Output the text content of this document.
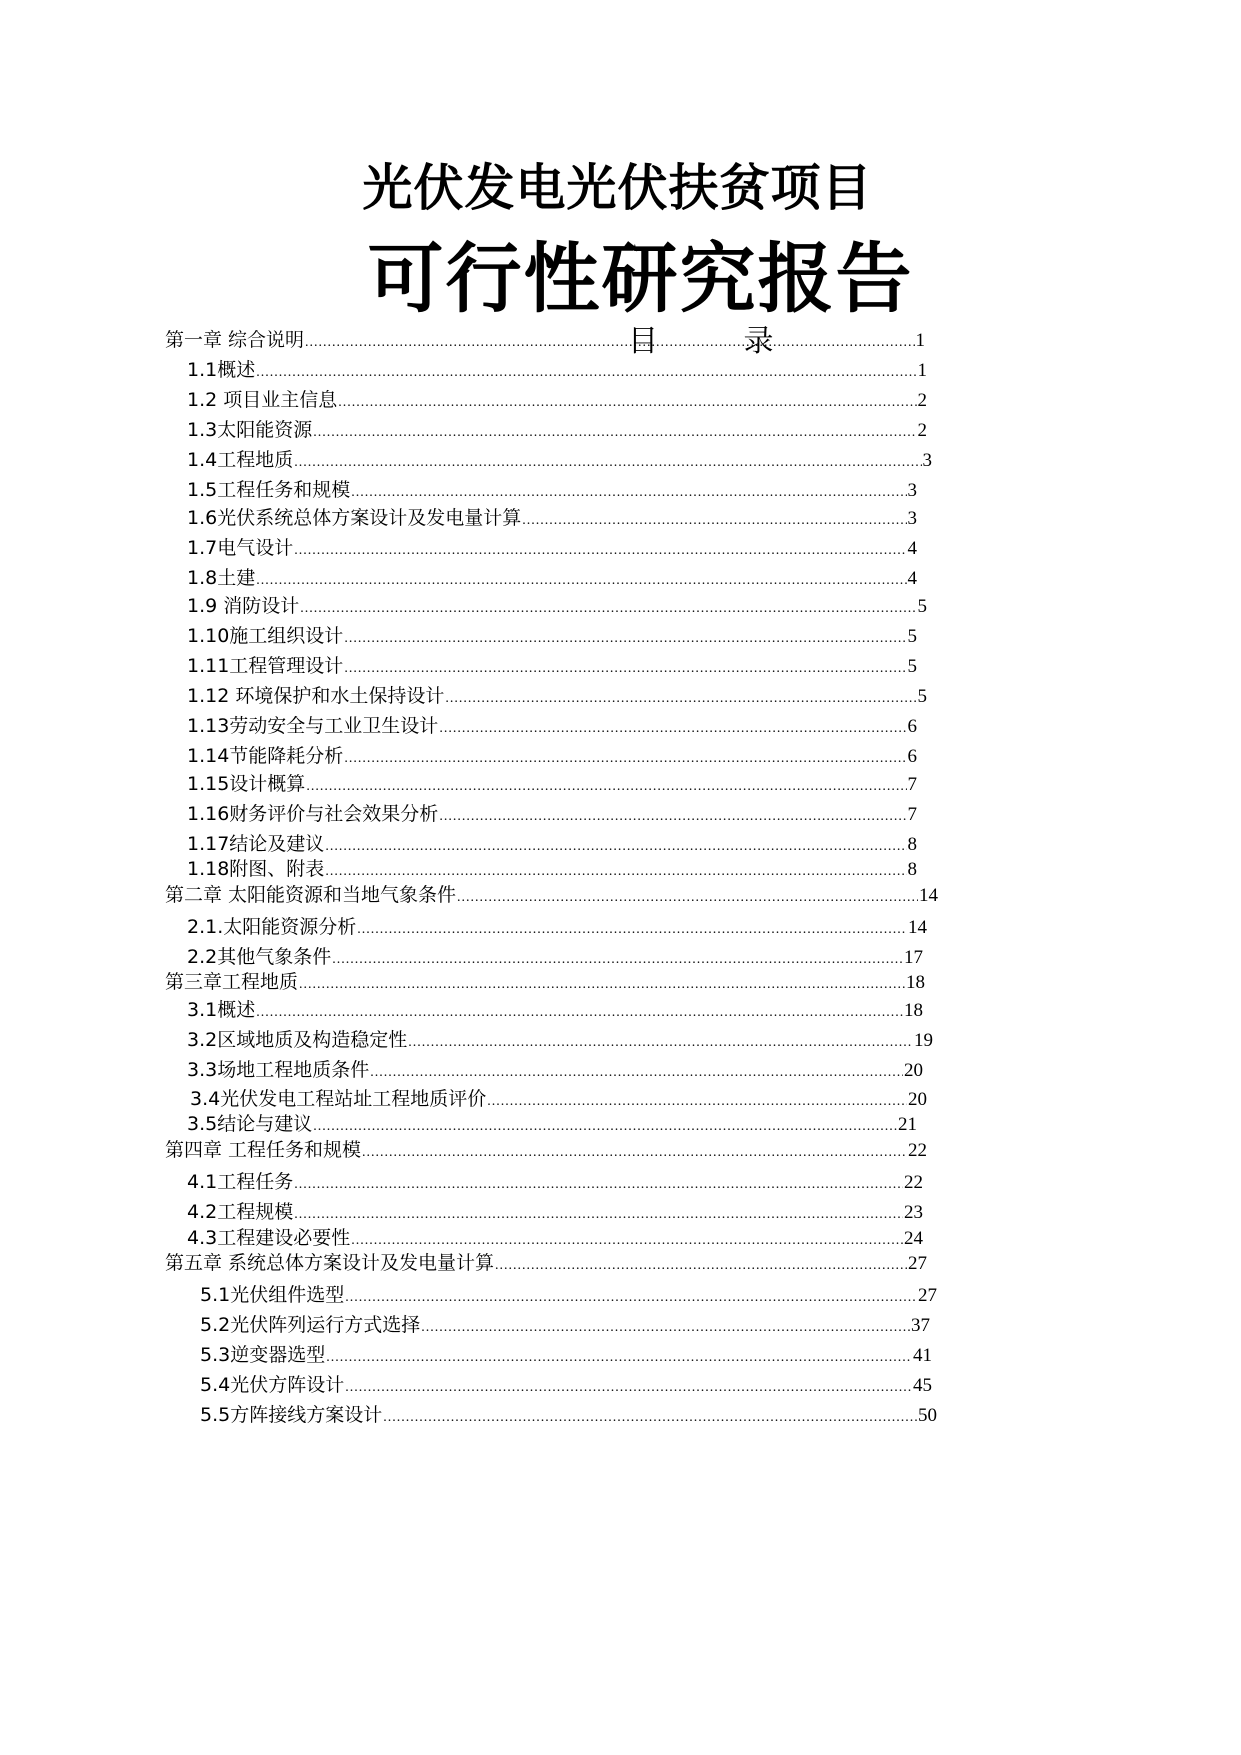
光伏发电光伏扶贫项目
可行性研究报告
目 录
第一章 综合说明 .....	1
1.1概述 .....	1
1.2 项目业主信息 .....	2
1.3太阳能资源 .....	2
1.4工程地质 .....	3
1.5工程任务和规模 .....	3
1.6光伏系统总体方案设计及发电量计算 .....	3
1.7电气设计 .....	4
1.8土建 .....	4
1.9 消防设计 .....	5
1.10施工组织设计 .....	5
1.11工程管理设计 .....	5
1.12 环境保护和水土保持设计 .....	5
1.13劳动安全与工业卫生设计 .....	6
1.14节能降耗分析 .....	6
1.15设计概算 .....	7
1.16财务评价与社会效果分析 .....	7
1.17结论及建议 .....	8
1.18附图、附表 .....	8
第二章 太阳能资源和当地气象条件 .....	14
2.1.太阳能资源分析 .....	14
2.2其他气象条件 .....	17
第三章工程地质 .....	18
3.1概述 .....	18
3.2区域地质及构造稳定性 .....	19
3.3场地工程地质条件 .....	20
3.4光伏发电工程站址工程地质评价 .....	20
3.5结论与建议 .....	21
第四章 工程任务和规模 .....	22
4.1工程任务 .....	22
4.2工程规模 .....	23
4.3工程建设必要性 .....	24
第五章 系统总体方案设计及发电量计算 .....	27
5.1光伏组件选型 .....	27
5.2光伏阵列运行方式选择 .....	37
5.3逆变器选型 .....	41
5.4光伏方阵设计 .....	45
5.5方阵接线方案设计 .....	50
